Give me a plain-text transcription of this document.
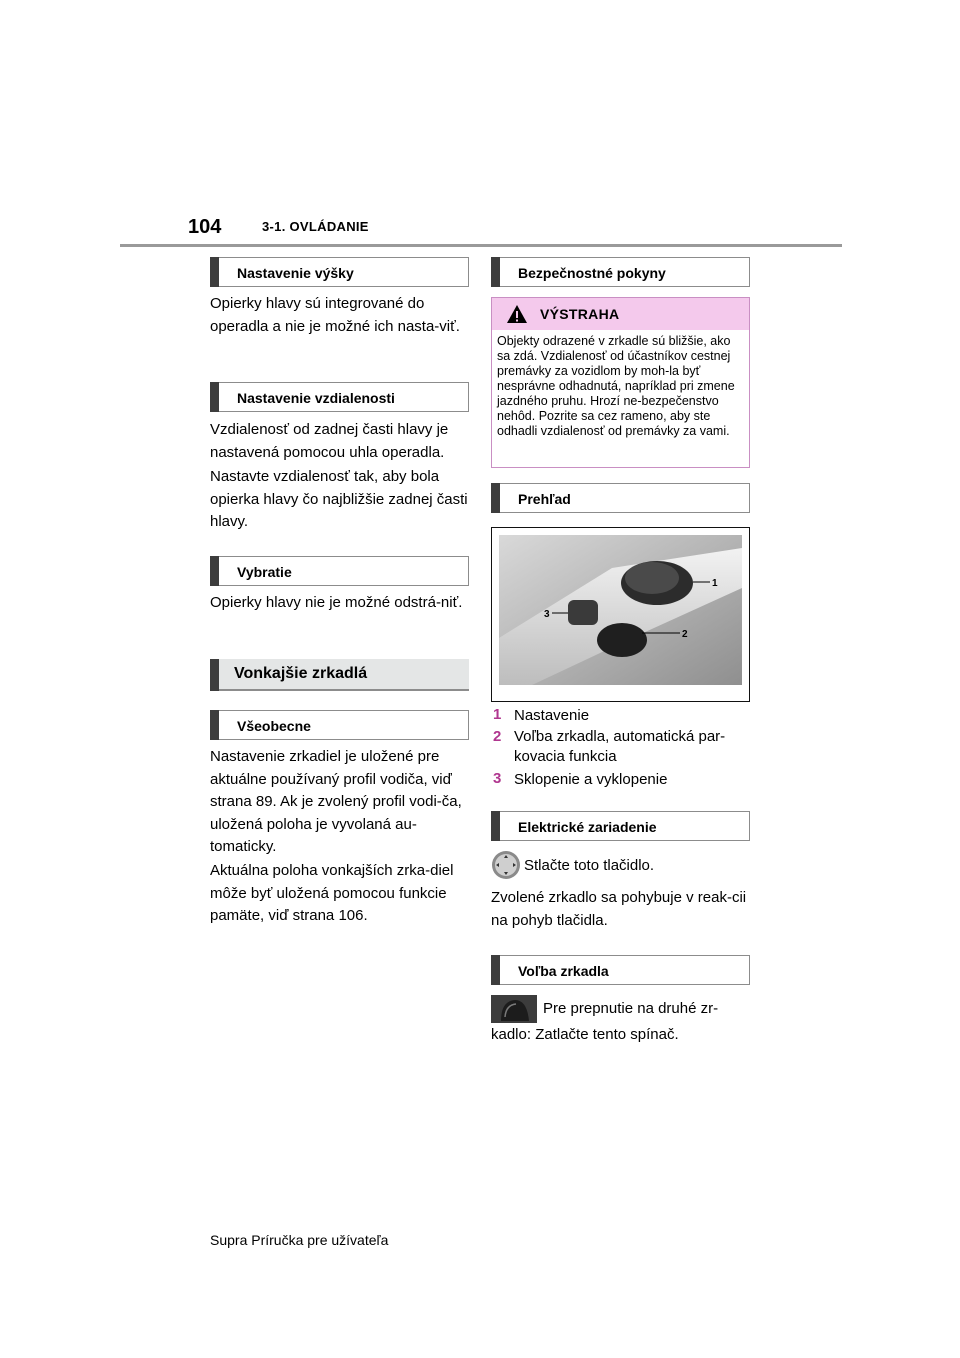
104	3-1. OVLÁDANIE
Nastavenie výšky
Opierky hlavy sú integrované do operadla a nie je možné ich nasta-viť.
Nastavenie vzdialenosti
Vzdialenosť od zadnej časti hlavy je nastavená pomocou uhla operadla.
Nastavte vzdialenosť tak, aby bola opierka hlavy čo najbližšie zadnej časti hlavy.
Vybratie
Opierky hlavy nie je možné odstrá-niť.
Vonkajšie zrkadlá
Všeobecne
Nastavenie zrkadiel je uložené pre aktuálne používaný profil vodiča, viď strana 89. Ak je zvolený profil vodi-ča, uložená poloha je vyvolaná au-tomaticky.
Aktuálna poloha vonkajších zrka-diel môže byť uložená pomocou funkcie pamäte, viď strana 106.
Bezpečnostné pokyny
VÝSTRAHA
Objekty odrazené v zrkadle sú bližšie, ako sa zdá. Vzdialenosť od účastníkov cestnej premávky za vozidlom by moh-la byť nesprávne odhadnutá, napríklad pri zmene jazdného pruhu. Hrozí ne-bezpečenstvo nehôd. Pozrite sa cez rameno, aby ste odhadli vzdialenosť od premávky za vami.
Prehľad
1
2
3
1 Nastavenie
2 Voľba zrkadla, automatická par-kovacia funkcia
3 Sklopenie a vyklopenie
Elektrické zariadenie
Stlačte toto tlačidlo.
Zvolené zrkadlo sa pohybuje v reak-cii na pohyb tlačidla.
Voľba zrkadla
Pre prepnutie na druhé zr-
kadlo: Zatlačte tento spínač.
Supra Príručka pre užívateľa
